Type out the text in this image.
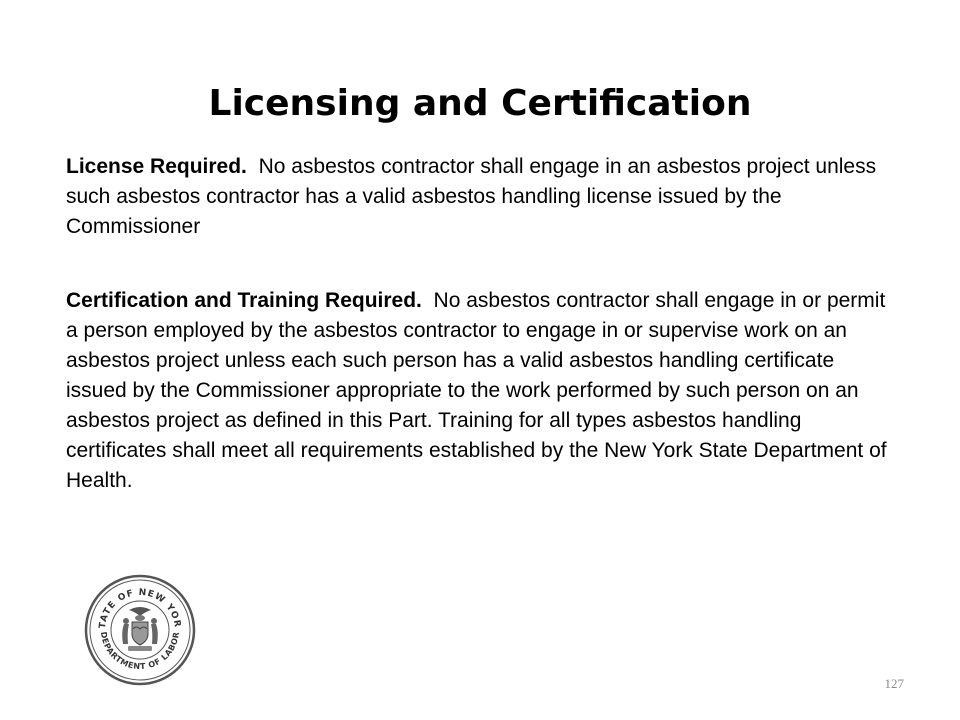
Licensing and Certification
License Required. No asbestos contractor shall engage in an asbestos project unless such asbestos contractor has a valid asbestos handling license issued by the Commissioner
Certification and Training Required. No asbestos contractor shall engage in or permit a person employed by the asbestos contractor to engage in or supervise work on an asbestos project unless each such person has a valid asbestos handling certificate issued by the Commissioner appropriate to the work performed by such person on an asbestos project as defined in this Part. Training for all types asbestos handling certificates shall meet all requirements established by the New York State Department of Health.
TATE OF NEW YOR
DEPARTMENT OF LABOR
127
